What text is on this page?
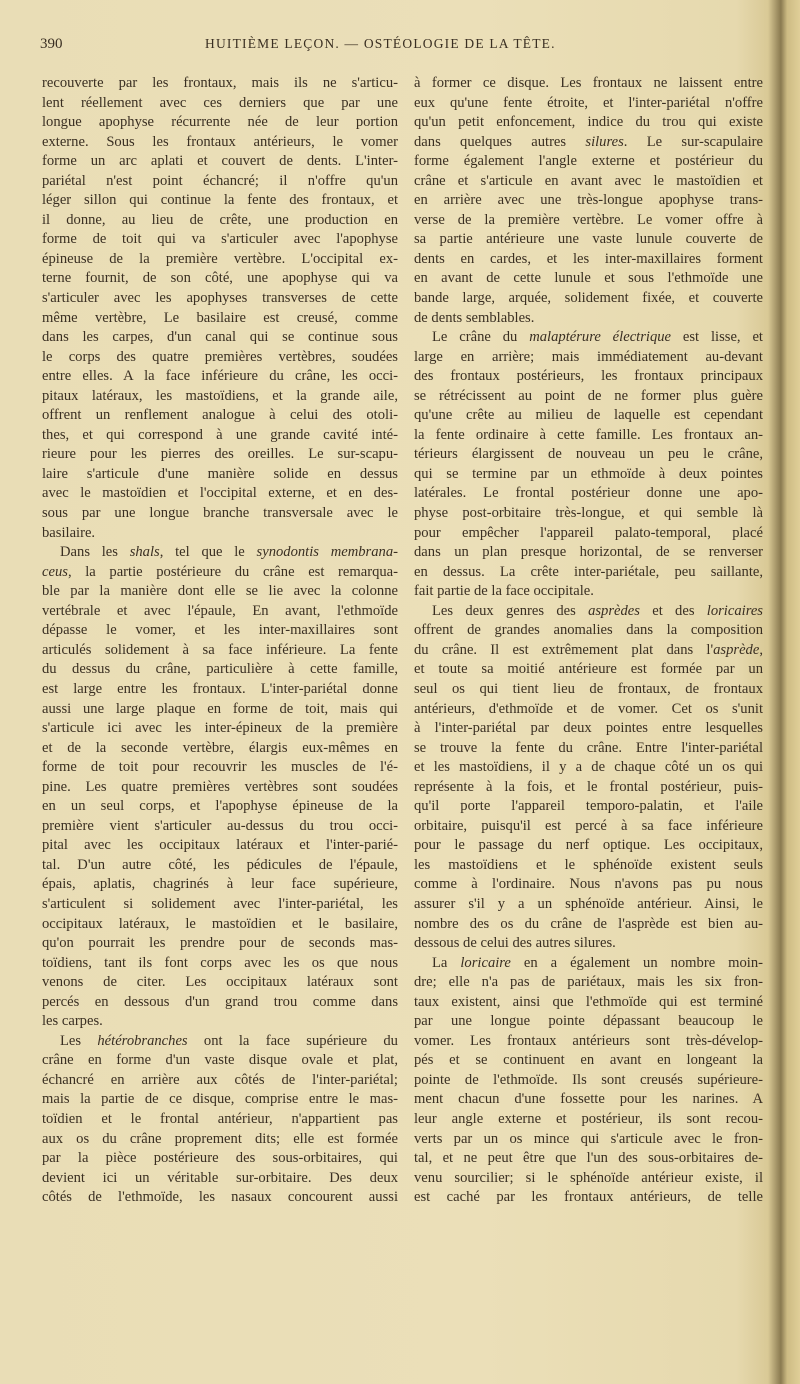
390	HUITIÈME LEÇON. — OSTÉOLOGIE DE LA TÊTE.
recouverte par les frontaux, mais ils ne s'articu-
lent réellement avec ces derniers que par une
longue apophyse récurrente née de leur portion
externe. Sous les frontaux antérieurs, le vomer
forme un arc aplati et couvert de dents. L'inter-
pariétal n'est point échancré; il n'offre qu'un
léger sillon qui continue la fente des frontaux, et
il donne, au lieu de crête, une production en
forme de toit qui va s'articuler avec l'apophyse
épineuse de la première vertèbre. L'occipital ex-
terne fournit, de son côté, une apophyse qui va
s'articuler avec les apophyses transverses de cette
même vertèbre, Le basilaire est creusé, comme
dans les carpes, d'un canal qui se continue sous
le corps des quatre premières vertèbres, soudées
entre elles. A la face inférieure du crâne, les occi-
pitaux latéraux, les mastoïdiens, et la grande aile,
offrent un renflement analogue à celui des otoli-
thes, et qui correspond à une grande cavité inté-
rieure pour les pierres des oreilles. Le sur-scapu-
laire s'articule d'une manière solide en dessus
avec le mastoïdien et l'occipital externe, et en des-
sous par une longue branche transversale avec le
basilaire.
Dans les shals, tel que le synodontis membrana-
ceus, la partie postérieure du crâne est remarqua-
ble par la manière dont elle se lie avec la colonne
vertébrale et avec l'épaule, En avant, l'ethmoïde
dépasse le vomer, et les inter-maxillaires sont
articulés solidement à sa face inférieure. La fente
du dessus du crâne, particulière à cette famille,
est large entre les frontaux. L'inter-pariétal donne
aussi une large plaque en forme de toit, mais qui
s'articule ici avec les inter-épineux de la première
et de la seconde vertèbre, élargis eux-mêmes en
forme de toit pour recouvrir les muscles de l'é-
pine. Les quatre premières vertèbres sont soudées
en un seul corps, et l'apophyse épineuse de la
première vient s'articuler au-dessus du trou occi-
pital avec les occipitaux latéraux et l'inter-parié-
tal. D'un autre côté, les pédicules de l'épaule,
épais, aplatis, chagrinés à leur face supérieure,
s'articulent si solidement avec l'inter-pariétal, les
occipitaux latéraux, le mastoïdien et le basilaire,
qu'on pourrait les prendre pour de seconds mas-
toïdiens, tant ils font corps avec les os que nous
venons de citer. Les occipitaux latéraux sont
percés en dessous d'un grand trou comme dans
les carpes.
Les hétérobranches ont la face supérieure du
crâne en forme d'un vaste disque ovale et plat,
échancré en arrière aux côtés de l'inter-pariétal;
mais la partie de ce disque, comprise entre le mas-
toïdien et le frontal antérieur, n'appartient pas
aux os du crâne proprement dits; elle est formée
par la pièce postérieure des sous-orbitaires, qui
devient ici un véritable sur-orbitaire. Des deux
côtés de l'ethmoïde, les nasaux concourent aussi
à former ce disque. Les frontaux ne laissent entre
eux qu'une fente étroite, et l'inter-pariétal n'offre
qu'un petit enfoncement, indice du trou qui existe
dans quelques autres silures. Le sur-scapulaire
forme également l'angle externe et postérieur du
crâne et s'articule en avant avec le mastoïdien et
en arrière avec une très-longue apophyse trans-
verse de la première vertèbre. Le vomer offre à
sa partie antérieure une vaste lunule couverte de
dents en cardes, et les inter-maxillaires forment
en avant de cette lunule et sous l'ethmoïde une
bande large, arquée, solidement fixée, et couverte
de dents semblables.
Le crâne du malaptérure électrique est lisse, et
large en arrière; mais immédiatement au-devant
des frontaux postérieurs, les frontaux principaux
se rétrécissent au point de ne former plus guère
qu'une crête au milieu de laquelle est cependant
la fente ordinaire à cette famille. Les frontaux an-
térieurs élargissent de nouveau un peu le crâne,
qui se termine par un ethmoïde à deux pointes
latérales. Le frontal postérieur donne une apo-
physe post-orbitaire très-longue, et qui semble là
pour empêcher l'appareil palato-temporal, placé
dans un plan presque horizontal, de se renverser
en dessus. La crête inter-pariétale, peu saillante,
fait partie de la face occipitale.
Les deux genres des asprèdes et des loricaires
offrent de grandes anomalies dans la composition
du crâne. Il est extrêmement plat dans l'asprède,
et toute sa moitié antérieure est formée par un
seul os qui tient lieu de frontaux, de frontaux
antérieurs, d'ethmoïde et de vomer. Cet os s'unit
à l'inter-pariétal par deux pointes entre lesquelles
se trouve la fente du crâne. Entre l'inter-pariétal
et les mastoïdiens, il y a de chaque côté un os qui
représente à la fois, et le frontal postérieur, puis-
qu'il porte l'appareil temporo-palatin, et l'aile
orbitaire, puisqu'il est percé à sa face inférieure
pour le passage du nerf optique. Les occipitaux,
les mastoïdiens et le sphénoïde existent seuls
comme à l'ordinaire. Nous n'avons pas pu nous
assurer s'il y a un sphénoïde antérieur. Ainsi, le
nombre des os du crâne de l'asprède est bien au-
dessous de celui des autres silures.
La loricaire en a également un nombre moin-
dre; elle n'a pas de pariétaux, mais les six fron-
taux existent, ainsi que l'ethmoïde qui est terminé
par une longue pointe dépassant beaucoup le
vomer. Les frontaux antérieurs sont très-dévelop-
pés et se continuent en avant en longeant la
pointe de l'ethmoïde. Ils sont creusés supérieure-
ment chacun d'une fossette pour les narines. A
leur angle externe et postérieur, ils sont recou-
verts par un os mince qui s'articule avec le fron-
tal, et ne peut être que l'un des sous-orbitaires de-
venu sourcilier; si le sphénoïde antérieur existe, il
est caché par les frontaux antérieurs, de telle
